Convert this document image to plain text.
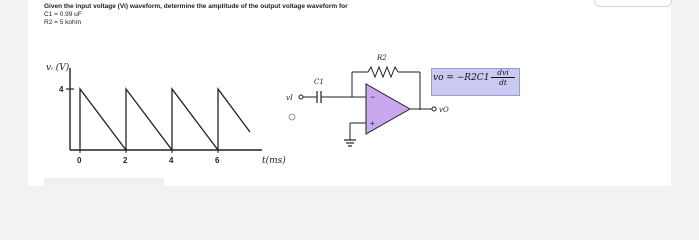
Given the input voltage (Vi) waveform, determine the amplitude of the output voltage waveform for
C1 = 0.99 uF
R2 = 5 kohm
4
vᵢ (V)
0	2	4	6	t(ms)
vI
C1
R2
−
+
vO
vo = −R2C1
dvi
dt
